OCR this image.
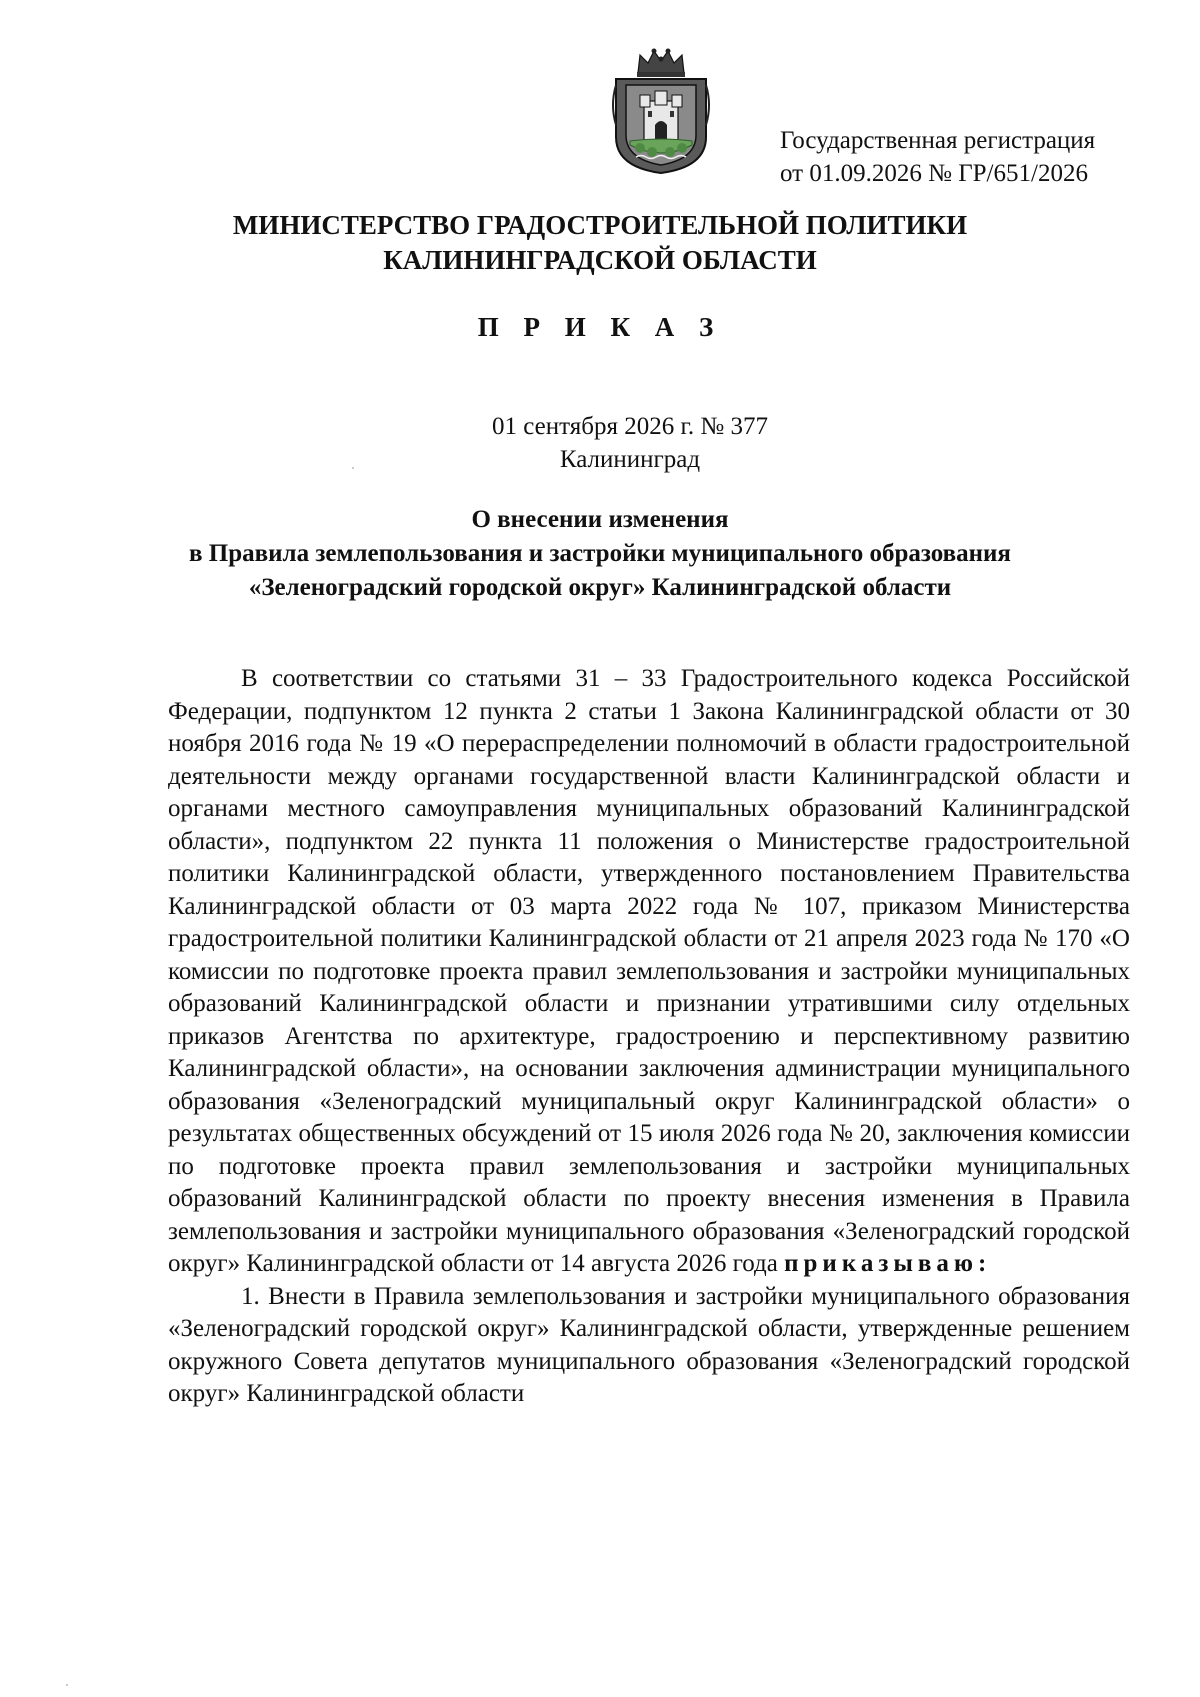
Государственная регистрация
от 01.09.2026 № ГР/651/2026
МИНИСТЕРСТВО ГРАДОСТРОИТЕЛЬНОЙ ПОЛИТИКИ
КАЛИНИНГРАДСКОЙ ОБЛАСТИ
П Р И К А З
01 сентября 2026 г. № 377
Калининград
О внесении изменения
в Правила землепользования и застройки муниципального образования
«Зеленоградский городской округ» Калининградской области

В соответствии со статьями 31 – 33 Градостроительного кодекса Российской Федерации, подпунктом 12 пункта 2 статьи 1 Закона Калининградской области от 30 ноября 2016 года № 19 «О перераспределении полномочий в области градостроительной деятельности между органами государственной власти Калининградской области и органами местного самоуправления муниципальных образований Калининградской области», подпунктом 22 пункта 11 положения о Министерстве градостроительной политики Калининградской области, утвержденного постановлением Правительства Калининградской области от 03 марта 2022 года № 107, приказом Министерства градостроительной политики Калининградской области от 21 апреля 2023 года № 170 «О комиссии по подготовке проекта правил землепользования и застройки муниципальных образований Калининградской области и признании утратившими силу отдельных приказов Агентства по архитектуре, градостроению и перспективному развитию Калининградской области», на основании заключения администрации муниципального образования «Зеленоградский муниципальный округ Калининградской области» о результатах общественных обсуждений от 15 июля 2026 года № 20, заключения комиссии по подготовке проекта правил землепользования и застройки муниципальных образований Калининградской области по проекту внесения изменения в Правила землепользования и застройки муниципального образования «Зеленоградский городской округ» Калининградской области от 14 августа 2026 года приказываю:

1. Внести в Правила землепользования и застройки муниципального образования «Зеленоградский городской округ» Калининградской области, утвержденные решением окружного Совета депутатов муниципального образования «Зеленоградский городской округ» Калининградской области
